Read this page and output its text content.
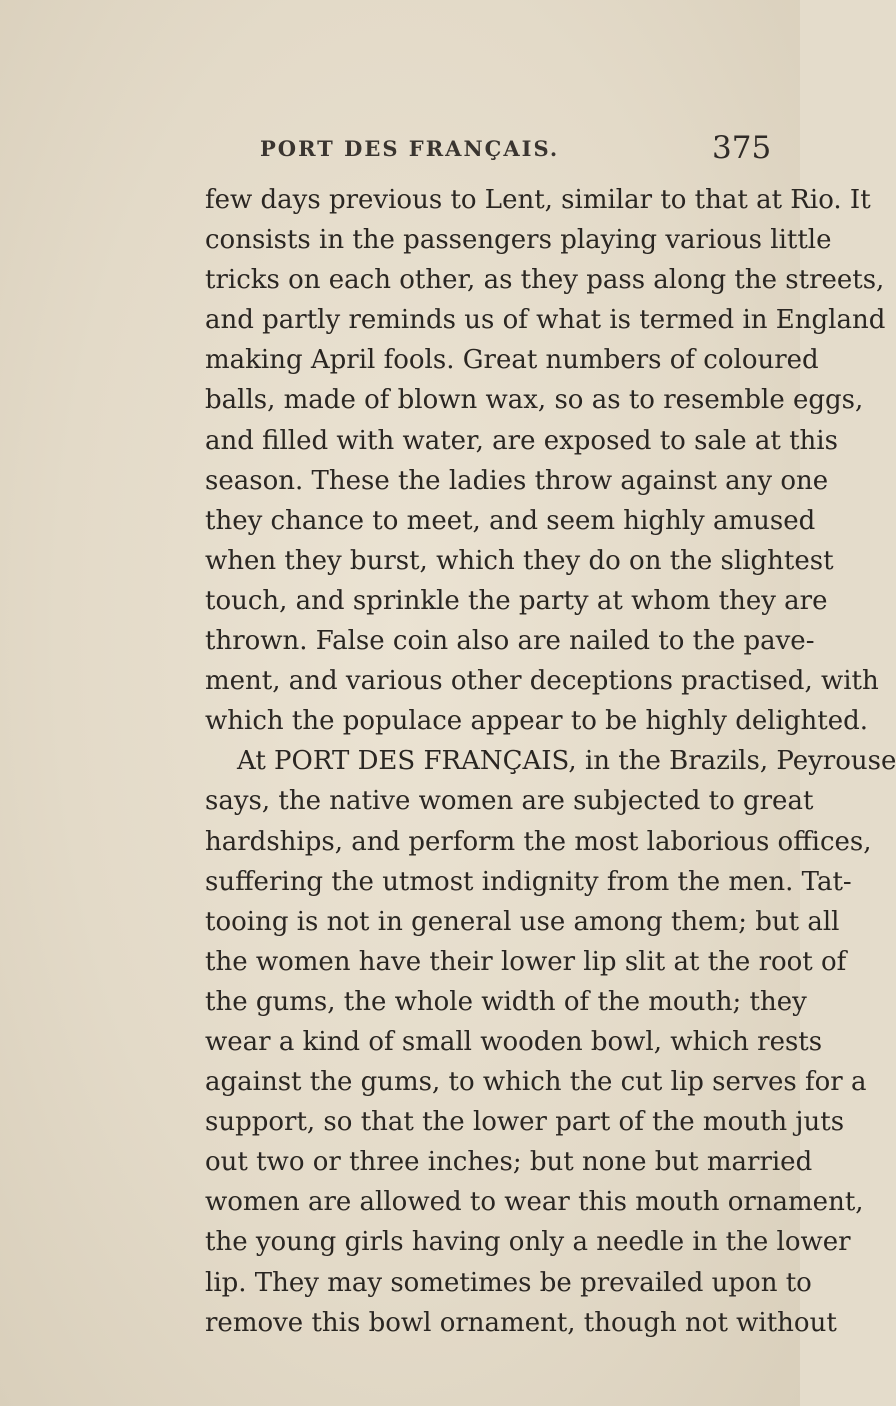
PORT DES FRANÇAIS.	375
few days previous to Lent, similar to that at Rio. It
consists in the passengers playing various little
tricks on each other, as they pass along the streets,
and partly reminds us of what is termed in England
making April fools. Great numbers of coloured
balls, made of blown wax, so as to resemble eggs,
and filled with water, are exposed to sale at this
season. These the ladies throw against any one
they chance to meet, and seem highly amused
when they burst, which they do on the slightest
touch, and sprinkle the party at whom they are
thrown. False coin also are nailed to the pave-
ment, and various other deceptions practised, with
which the populace appear to be highly delighted.
At PORT DES FRANÇAIS, in the Brazils, Peyrouse
says, the native women are subjected to great
hardships, and perform the most laborious offices,
suffering the utmost indignity from the men. Tat-
tooing is not in general use among them; but all
the women have their lower lip slit at the root of
the gums, the whole width of the mouth; they
wear a kind of small wooden bowl, which rests
against the gums, to which the cut lip serves for a
support, so that the lower part of the mouth juts
out two or three inches; but none but married
women are allowed to wear this mouth ornament,
the young girls having only a needle in the lower
lip. They may sometimes be prevailed upon to
remove this bowl ornament, though not without
